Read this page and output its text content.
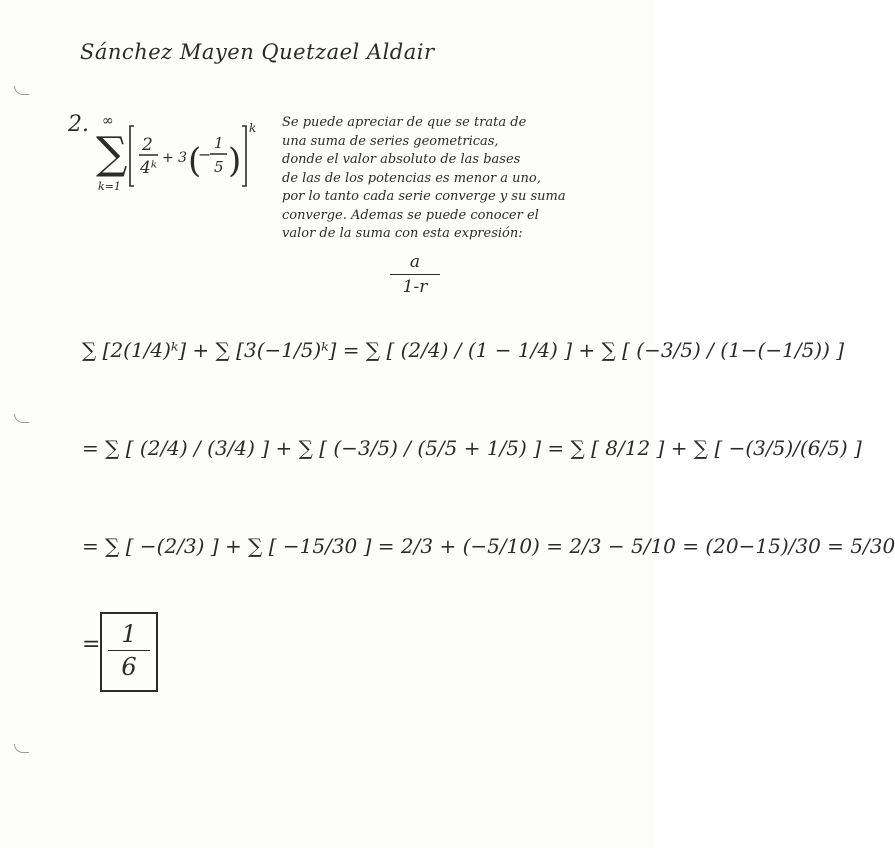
Sánchez Mayen Quetzael Aldair
2. ∞
∑
k=1
2
4ᵏ + 3 (
−
1
5 )
k Se puede apreciar de que se trata de
una suma de series geometricas,
donde el valor absoluto de las bases
de las de los potencias es menor a uno,
por lo tanto cada serie converge y su suma
converge. Ademas se puede conocer el
valor de la suma con esta expresión:
a
1-r
∑ [2(1/4)ᵏ] + ∑ [3(−1/5)ᵏ] = ∑ [ (2/4) / (1 − 1/4) ] + ∑ [ (−3/5) / (1−(−1/5)) ]
= ∑ [ (2/4) / (3/4) ] + ∑ [ (−3/5) / (5/5 + 1/5) ] = ∑ [ 8/12 ] + ∑ [ −(3/5)/(6/5) ]
= ∑ [ −(2/3) ] + ∑ [ −15/30 ] = 2/3 + (−5/10) = 2/3 − 5/10 = (20−15)/30 = 5/30
= 1
6
